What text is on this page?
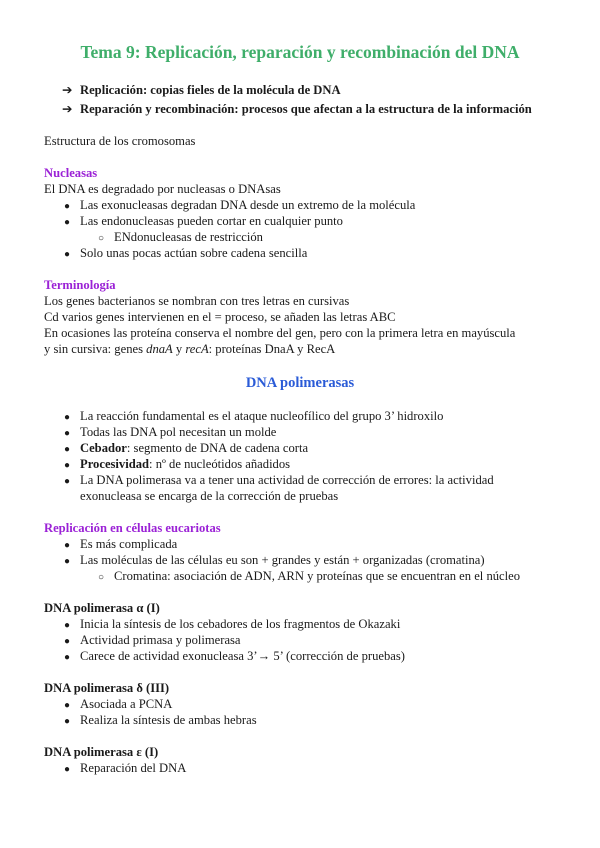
Tema 9: Replicación, reparación y recombinación del DNA
➔ Replicación: copias fieles de la molécula de DNA
➔ Reparación y recombinación: procesos que afectan a la estructura de la información
Estructura de los cromosomas
Nucleasas
El DNA es degradado por nucleasas o DNAsas
● Las exonucleasas degradan DNA desde un extremo de la molécula
● Las endonucleasas pueden cortar en cualquier punto
○ ENdonucleasas de restricción
● Solo unas pocas actúan sobre cadena sencilla
Terminología
Los genes bacterianos se nombran con tres letras en cursivas
Cd varios genes intervienen en el = proceso, se añaden las letras ABC
En ocasiones las proteína conserva el nombre del gen, pero con la primera letra en mayúscula
y sin cursiva: genes dnaA y recA: proteínas DnaA y RecA
DNA polimerasas
● La reacción fundamental es el ataque nucleofílico del grupo 3’ hidroxilo
● Todas las DNA pol necesitan un molde
● Cebador: segmento de DNA de cadena corta
● Procesividad: nº de nucleótidos añadidos
● La DNA polimerasa va a tener una actividad de corrección de errores: la actividad
exonucleasa se encarga de la corrección de pruebas
Replicación en células eucariotas
● Es más complicada
● Las moléculas de las células eu son + grandes y están + organizadas (cromatina)
○ Cromatina: asociación de ADN, ARN y proteínas que se encuentran en el núcleo
DNA polimerasa α (I)
● Inicia la síntesis de los cebadores de los fragmentos de Okazaki
● Actividad primasa y polimerasa
● Carece de actividad exonucleasa 3’→ 5’ (corrección de pruebas)
DNA polimerasa δ (III)
● Asociada a PCNA
● Realiza la síntesis de ambas hebras
DNA polimerasa ε (I)
● Reparación del DNA
